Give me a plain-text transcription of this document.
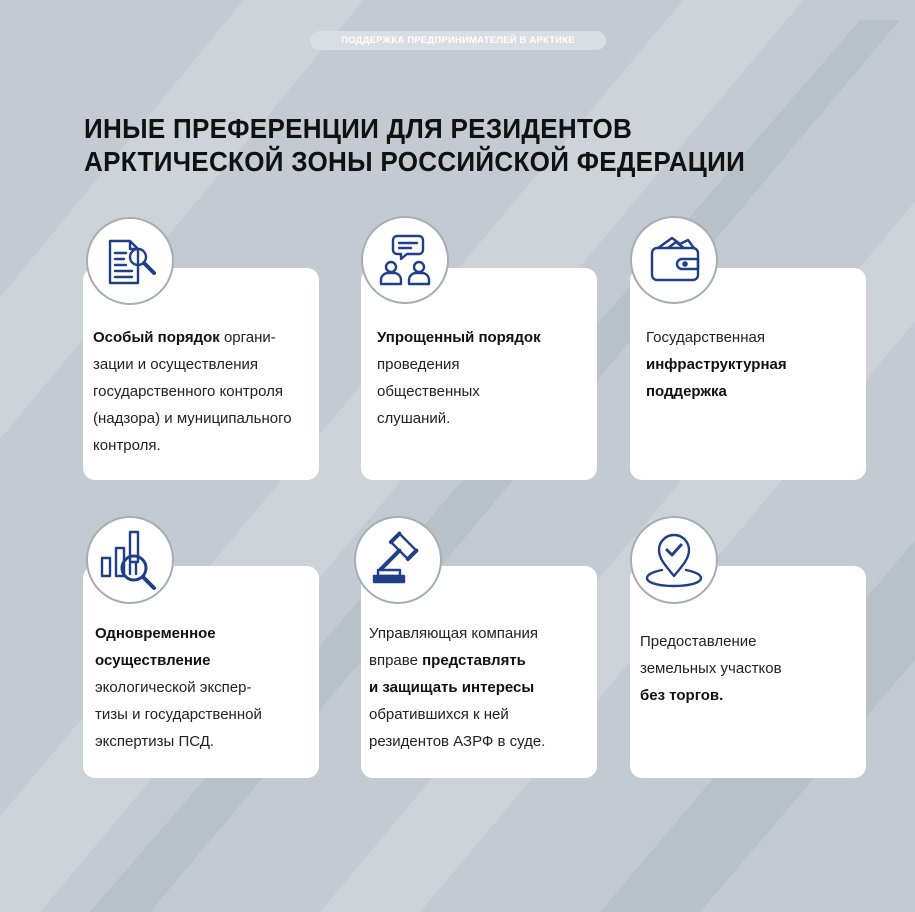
ПОДДЕРЖКА ПРЕДПРИНИМАТЕЛЕЙ В АРКТИКЕ
ИНЫЕ ПРЕФЕРЕНЦИИ ДЛЯ РЕЗИДЕНТОВ
АРКТИЧЕСКОЙ ЗОНЫ РОССИЙСКОЙ ФЕДЕРАЦИИ
Особый порядок органи-
зации и осуществления
государственного контроля
(надзора) и муниципального
контроля.
Упрощенный порядок
проведения
общественных
слушаний.
Государственная
инфраструктурная
поддержка
Одновременное
осуществление
экологической экспер-
тизы и государственной
экспертизы ПСД.
Управляющая компания
вправе представлять
и защищать интересы
обратившихся к ней
резидентов АЗРФ в суде.
Предоставление
земельных участков
без торгов.
